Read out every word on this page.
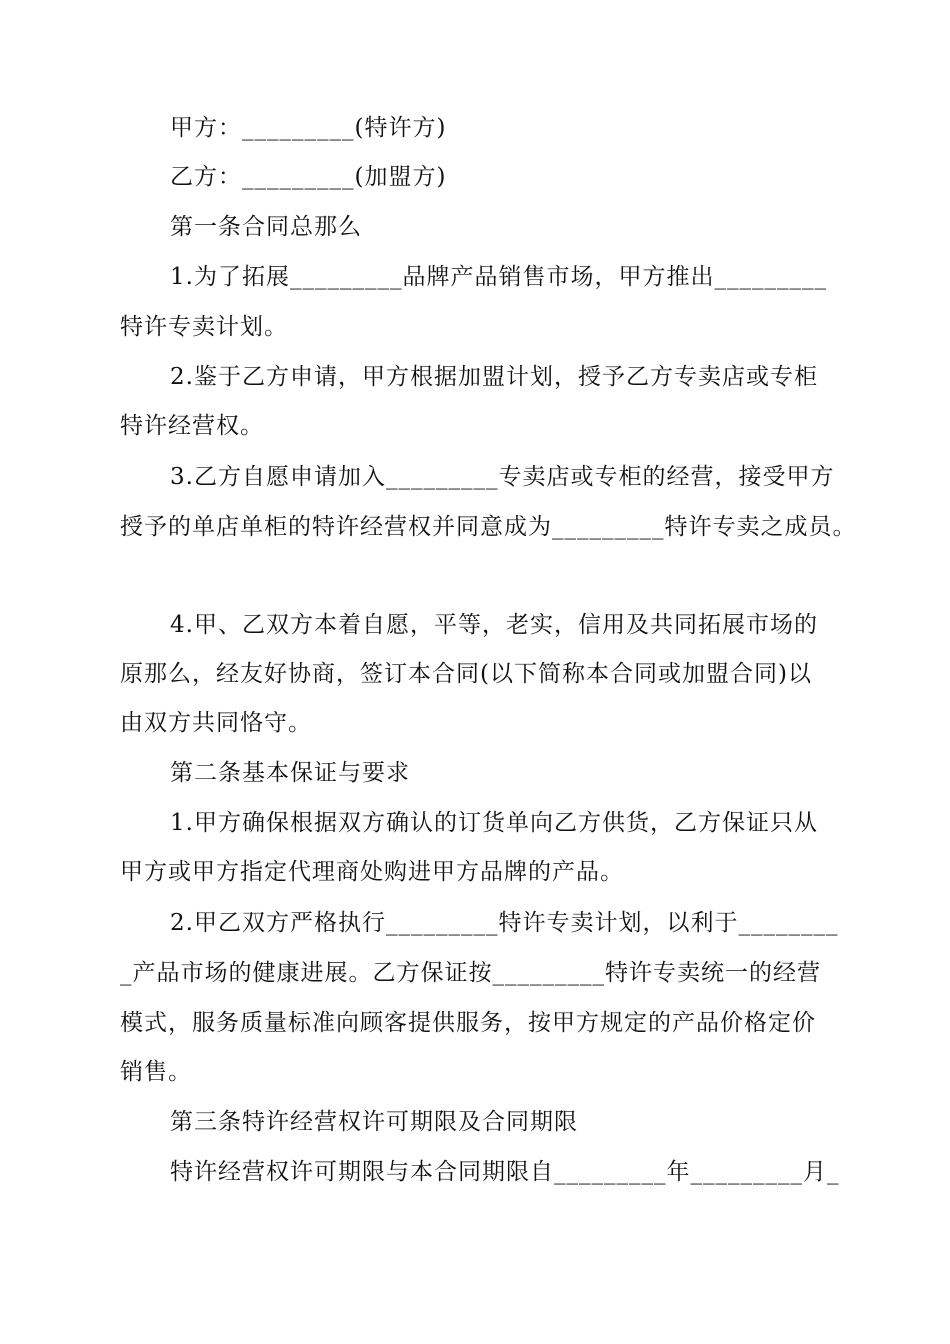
甲方：_________(特许方)
乙方：_________(加盟方)
第一条合同总那么
1.为了拓展_________品牌产品销售市场，甲方推出_________
特许专卖计划。
2.鉴于乙方申请，甲方根据加盟计划，授予乙方专卖店或专柜
特许经营权。
3.乙方自愿申请加入_________专卖店或专柜的经营，接受甲方
授予的单店单柜的特许经营权并同意成为_________特许专卖之成员。
4.甲、乙双方本着自愿，平等，老实，信用及共同拓展市场的
原那么，经友好协商，签订本合同(以下简称本合同或加盟合同)以
由双方共同恪守。
第二条基本保证与要求
1.甲方确保根据双方确认的订货单向乙方供货，乙方保证只从
甲方或甲方指定代理商处购进甲方品牌的产品。
2.甲乙双方严格执行_________特许专卖计划，以利于________
_产品市场的健康进展。乙方保证按_________特许专卖统一的经营
模式，服务质量标准向顾客提供服务，按甲方规定的产品价格定价
销售。
第三条特许经营权许可期限及合同期限
特许经营权许可期限与本合同期限自_________年_________月_
